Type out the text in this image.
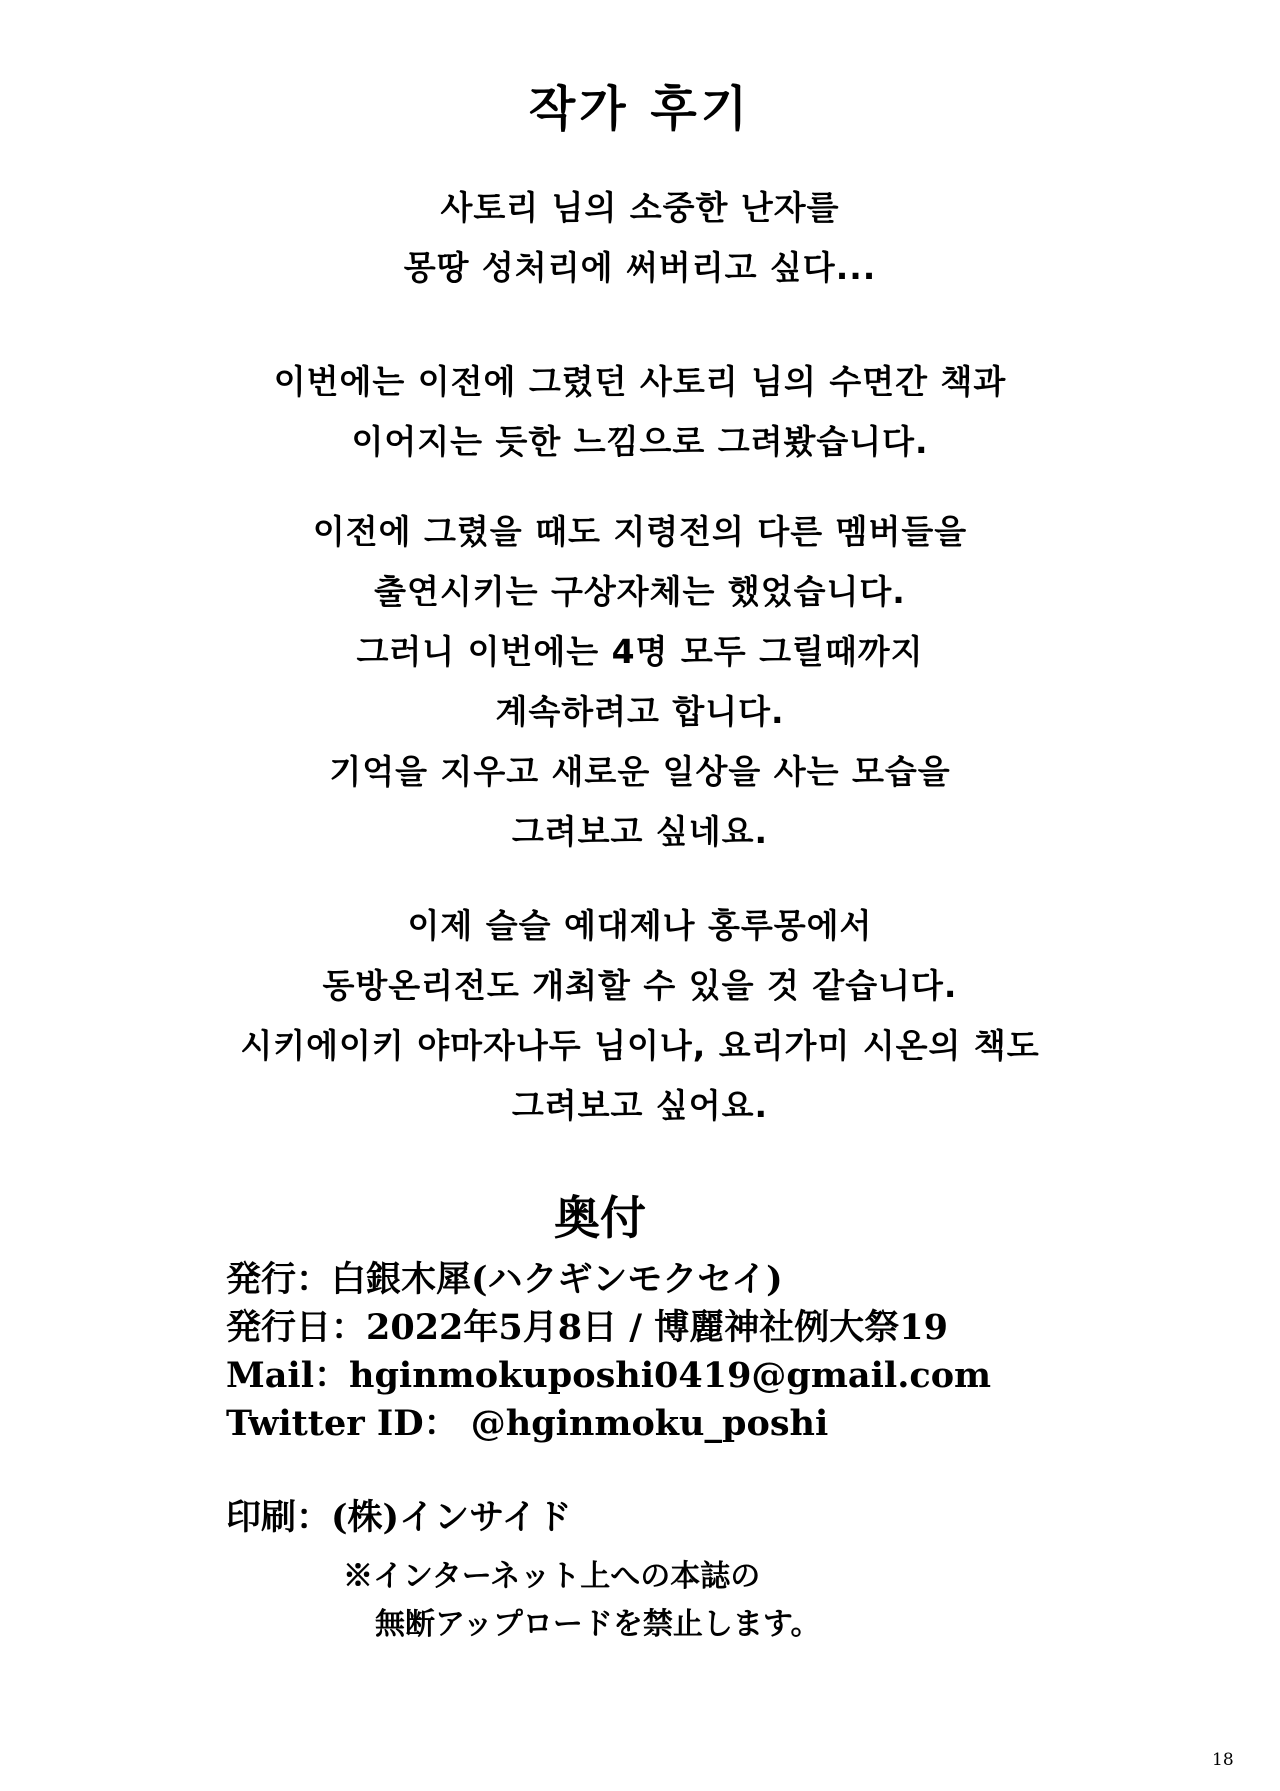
작가 후기
사토리 님의 소중한 난자를
몽땅 성처리에 써버리고 싶다...
이번에는 이전에 그렸던 사토리 님의 수면간 책과
이어지는 듯한 느낌으로 그려봤습니다.
이전에 그렸을 때도 지령전의 다른 멤버들을
출연시키는 구상자체는 했었습니다.
그러니 이번에는 4명 모두 그릴때까지
계속하려고 합니다.
기억을 지우고 새로운 일상을 사는 모습을
그려보고 싶네요.
이제 슬슬 예대제나 홍루몽에서
동방온리전도 개최할 수 있을 것 같습니다.
시키에이키 야마자나두 님이나, 요리가미 시온의 책도
그려보고 싶어요.
奥付
発行：白銀木犀(ハクギンモクセイ)
発行日：2022年5月8日 / 博麗神社例大祭19
Mail：hginmokuposhi0419@gmail.com
Twitter ID： @hginmoku_poshi
印刷：(株)インサイド
※インターネット上への本誌の
無断アップロードを禁止します。
18
